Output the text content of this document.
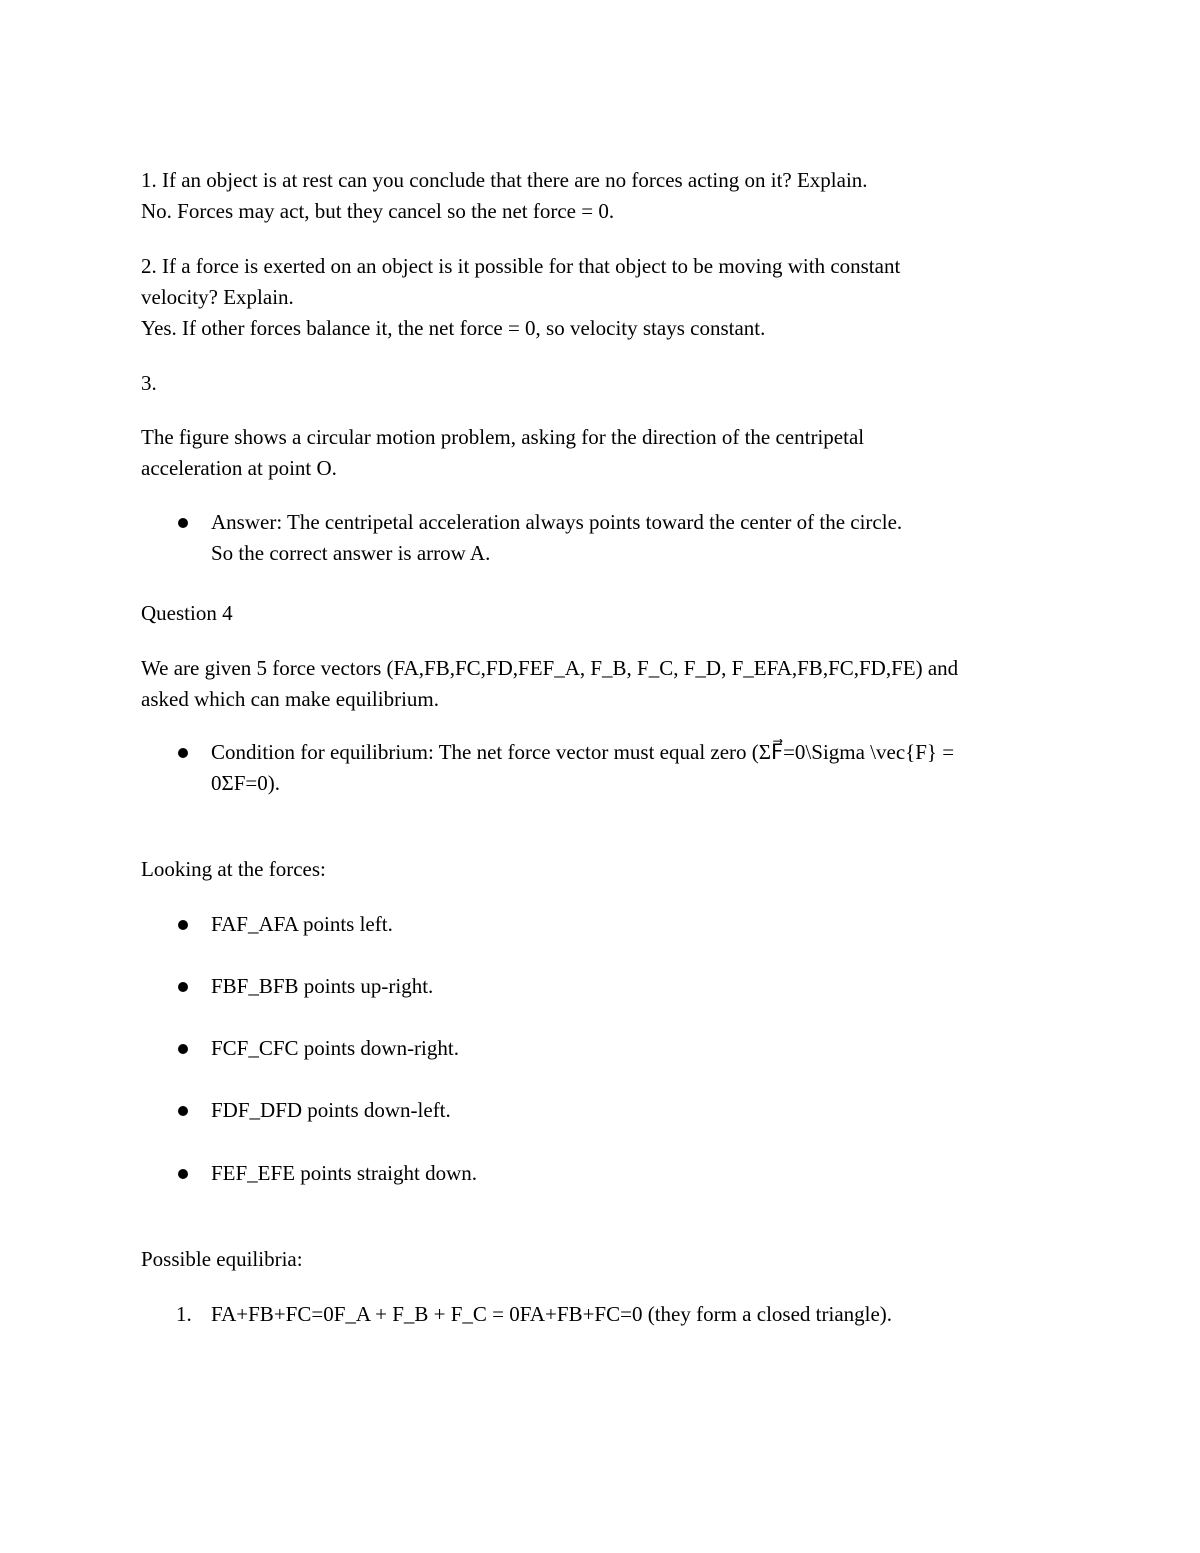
1. If an object is at rest can you conclude that there are no forces acting on it? Explain.
No. Forces may act, but they cancel so the net force = 0.
2. If a force is exerted on an object is it possible for that object to be moving with constant
velocity? Explain.
Yes. If other forces balance it, the net force = 0, so velocity stays constant.
3.
The figure shows a circular motion problem, asking for the direction of the centripetal
acceleration at point O.
Answer: The centripetal acceleration always points toward the center of the circle.
So the correct answer is arrow A.
Question 4
We are given 5 force vectors (FA,FB,FC,FD,FEF_A, F_B, F_C, F_D, F_EFA,FB,FC,FD,FE) and
asked which can make equilibrium.
Condition for equilibrium: The net force vector must equal zero (ΣF⃗=0\Sigma \vec{F} =
0ΣF=0).
Looking at the forces:
FAF_AFA points left.
FBF_BFB points up-right.
FCF_CFC points down-right.
FDF_DFD points down-left.
FEF_EFE points straight down.
Possible equilibria:
1. FA+FB+FC=0F_A + F_B + F_C = 0FA+FB+FC=0 (they form a closed triangle).
